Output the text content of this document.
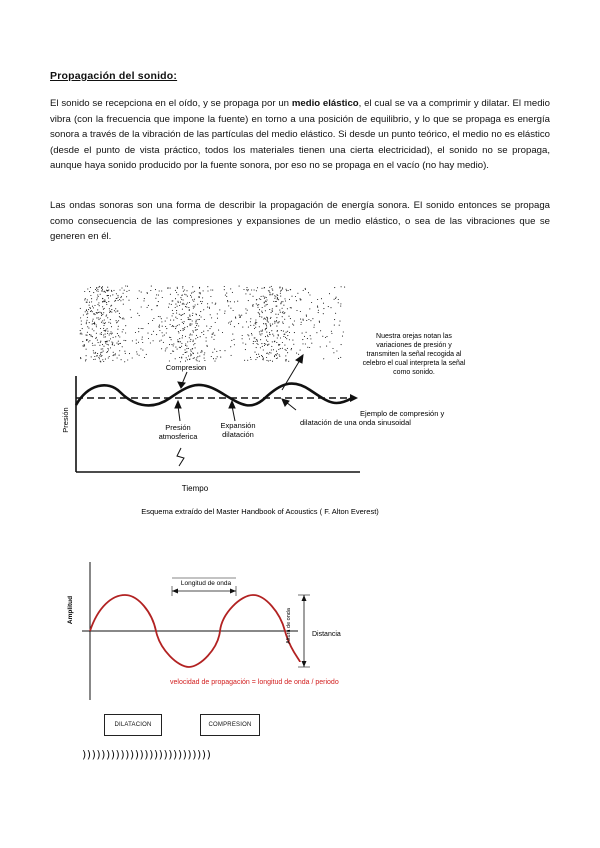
Propagación del sonido:

El sonido se recepciona en el oído, y se propaga por un medio elástico, el cual se va a comprimir y dilatar. El medio vibra (con la frecuencia que impone la fuente) en torno a una posición de equilibrio, y lo que se propaga es energía sonora a través de la vibración de las partículas del medio elástico. Si desde un punto teórico, el medio no es elástico (desde el punto de vista práctico, todos los materiales tienen una cierta electricidad), el sonido no se propaga, aunque haya sonido producido por la fuente sonora, por eso no se propaga en el vacío (no hay medio).

Las ondas sonoras son una forma de describir la propagación de energía sonora. El sonido entonces se propaga como consecuencia de las compresiones y expansiones de un medio elástico, o sea de las vibraciones que se generen en él.

Nuestra orejas notan las
variaciones de presión y
transmiten la señal recogida al
celebro el cual interpreta la señal
como sonido.
Compresion
Presión
atmosferica
Expansión
dilatación
Ejemplo de compresión y
dilatación de una onda sinusoidal
Presión
Tiempo
Esquema extraído del Master Handbook of Acoustics ( F. Alton Everest)
Longitud de onda
Altura de onda
Amplitud
Distancia
velocidad de propagación = longitud de onda / periodo
DILATACION	COMPRESION
)))))))))))))))))))))))))))
